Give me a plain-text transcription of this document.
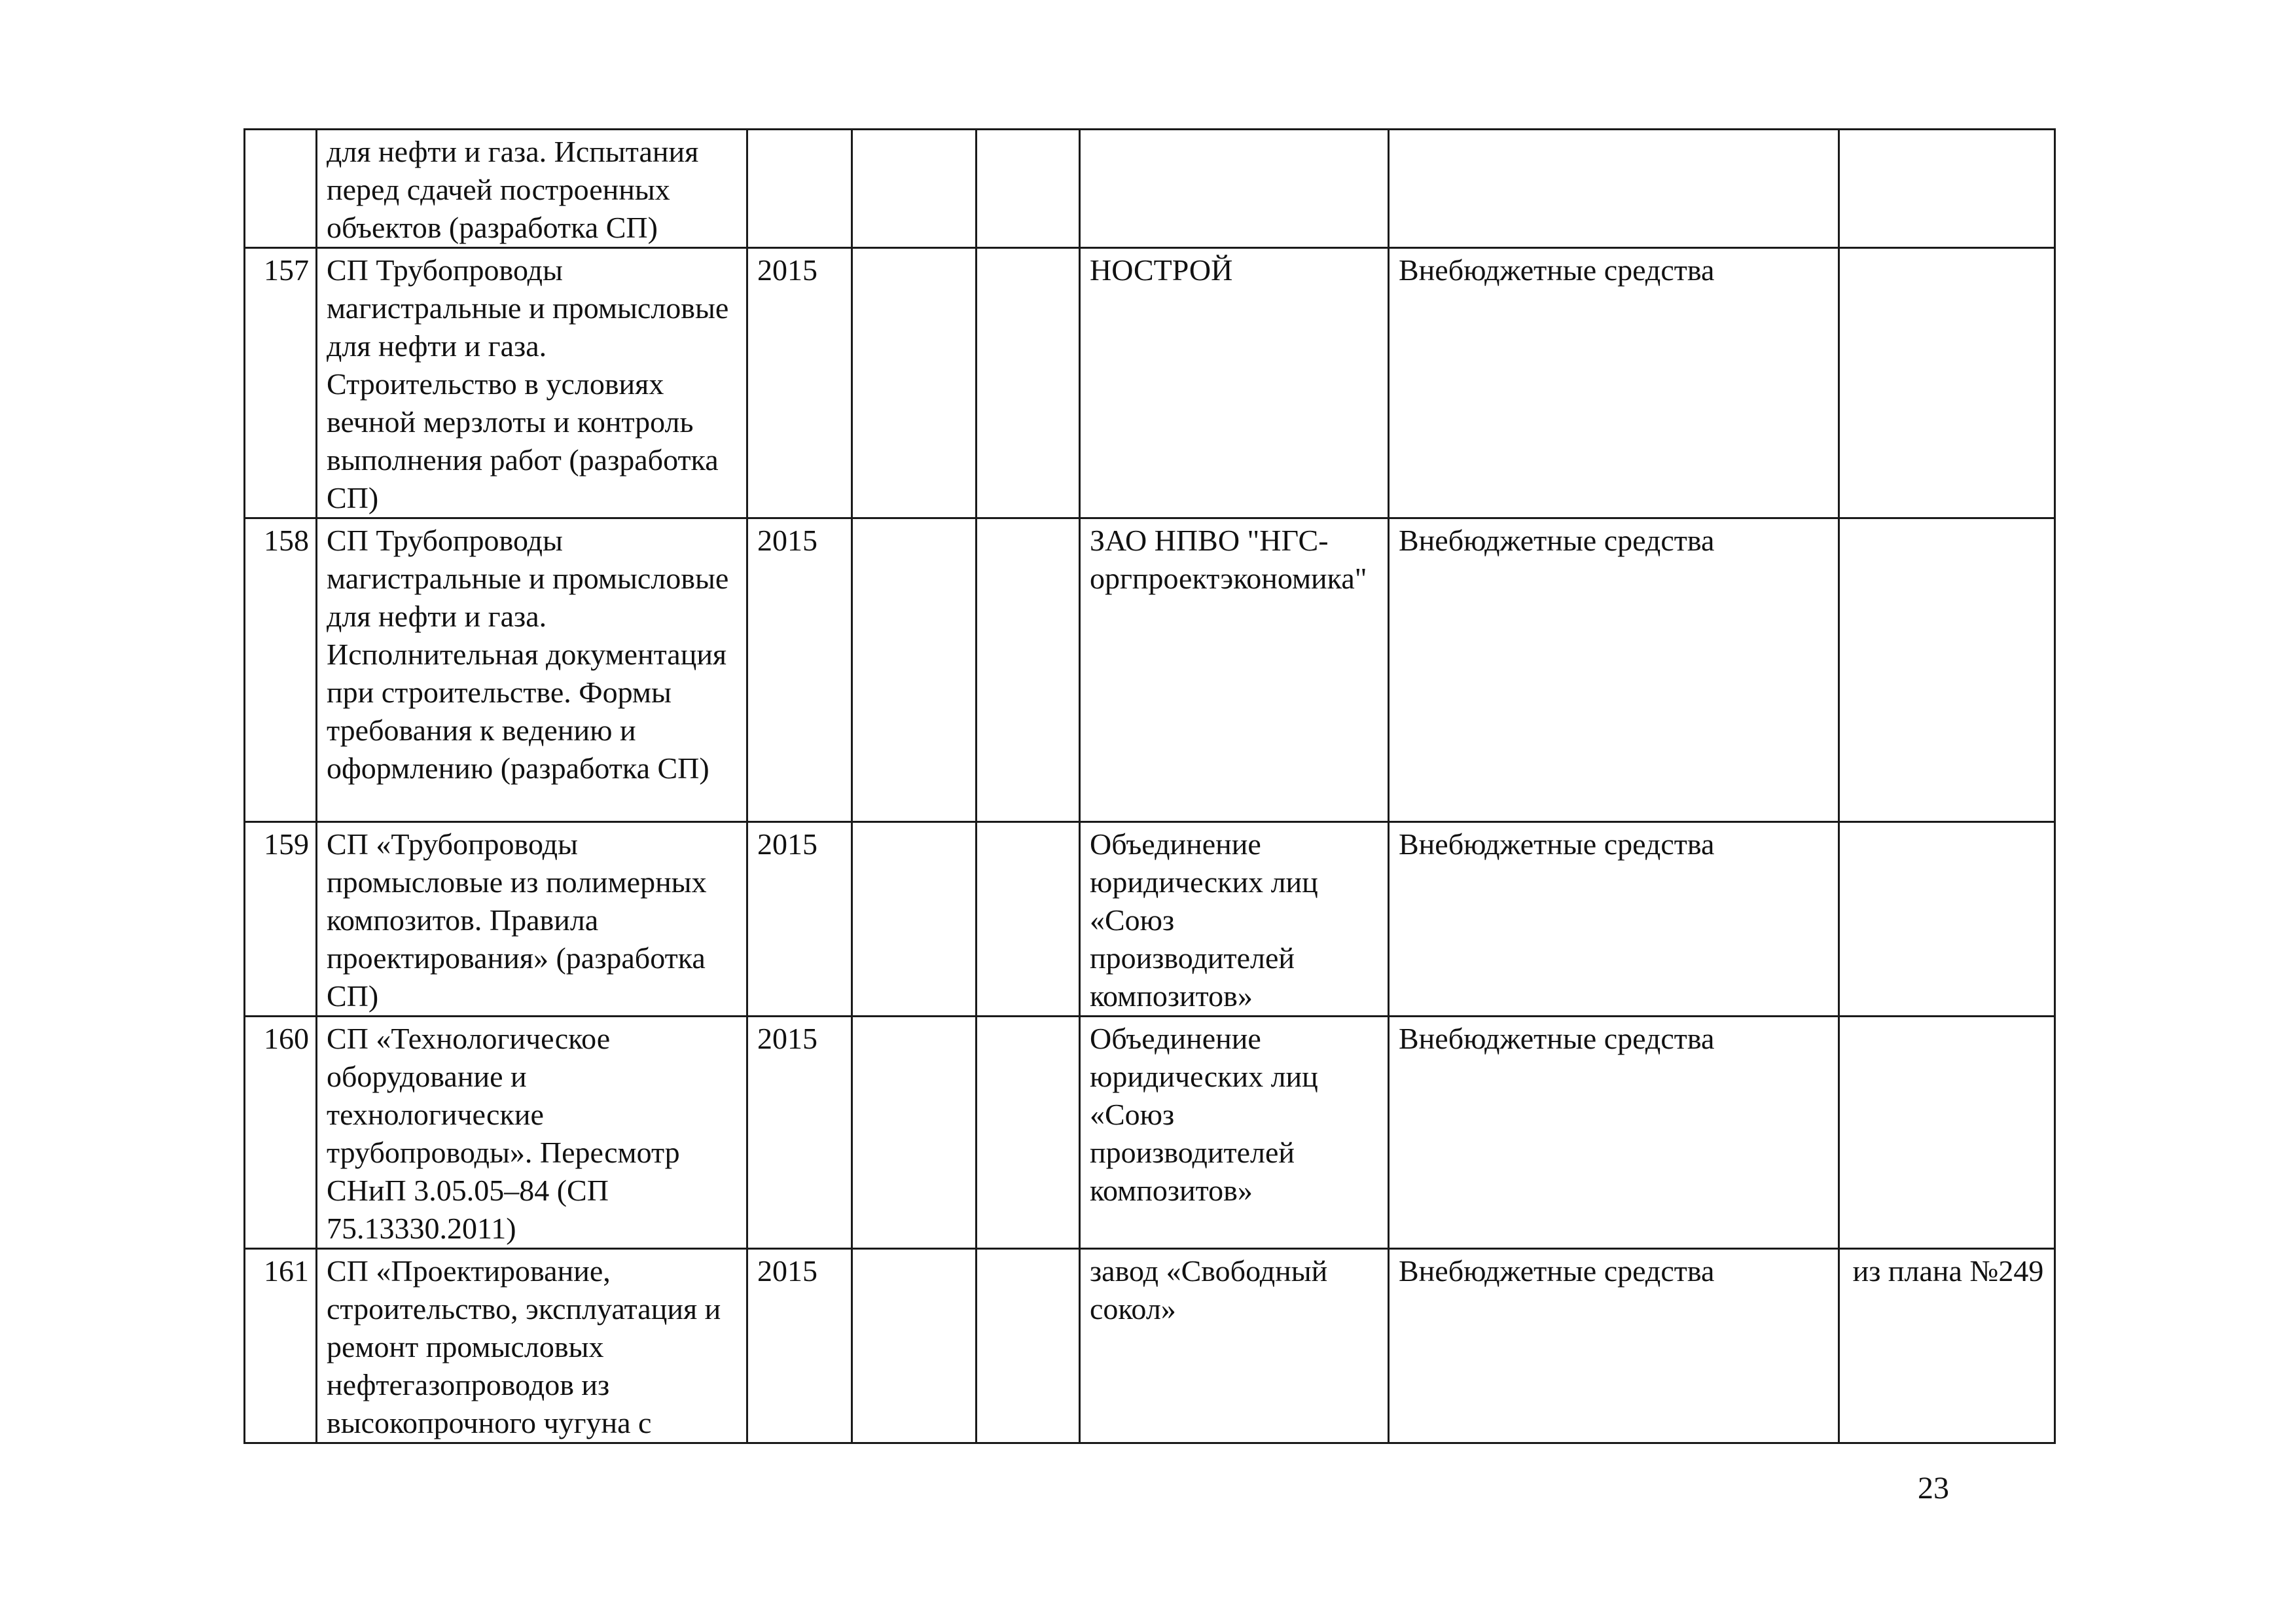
	для нефти и газа. Испытания перед сдачей построенных объектов (разработка СП)						
157	СП Трубопроводы магистральные и промысловые для нефти и газа. Строительство в условиях вечной мерзлоты и контроль выполнения работ (разработка СП)	2015			НОСТРОЙ	Внебюджетные средства	
158	СП Трубопроводы магистральные и промысловые для нефти и газа. Исполнительная документация при строительстве. Формы требования к ведению и оформлению (разработка СП)	2015			ЗАО НПВО "НГС-оргпроектэкономика"	Внебюджетные средства	
159	СП «Трубопроводы промысловые из полимерных композитов. Правила проектирования» (разработка СП)	2015			Объединение юридических лиц «Союз производителей композитов»	Внебюджетные средства	
160	СП «Технологическое оборудование и технологические трубопроводы». Пересмотр СНиП 3.05.05–84 (СП 75.13330.2011)	2015			Объединение юридических лиц «Союз производителей композитов»	Внебюджетные средства	
161	СП «Проектирование, строительство, эксплуатация и ремонт промысловых нефтегазопроводов из высокопрочного чугуна с	2015			завод «Свободный сокол»	Внебюджетные средства	из плана №249
23
